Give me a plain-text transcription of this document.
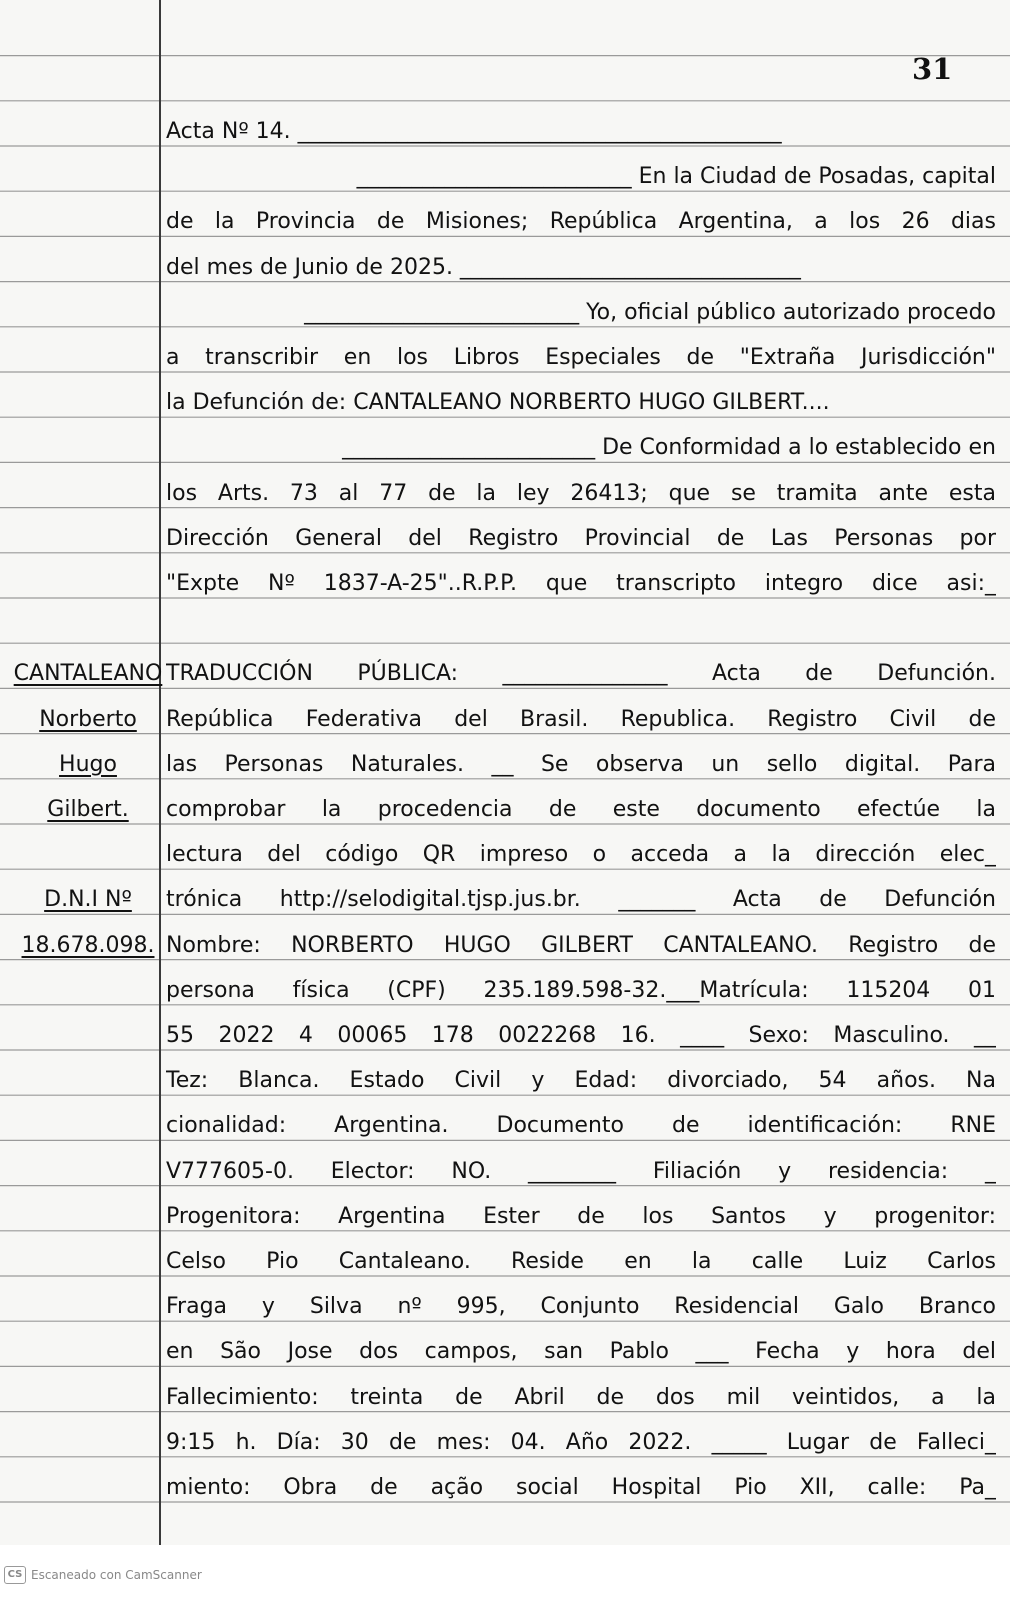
31
Acta Nº 14. ____________________________________________
_________________________ En la Ciudad de Posadas, capital
de la Provincia de Misiones; República Argentina, a los 26 dias
del mes de Junio de 2025. _______________________________
_________________________ Yo, oficial público autorizado procedo
a transcribir en los Libros Especiales de "Extraña Jurisdicción"
la Defunción de: CANTALEANO NORBERTO HUGO GILBERT....
_______________________ De Conformidad a lo establecido en
los Arts. 73 al 77 de la ley 26413; que se tramita ante esta
Dirección General del Registro Provincial de Las Personas por
"Expte Nº 1837-A-25"..R.P.P. que transcripto integro dice asi:_
TRADUCCIÓN PÚBLICA: _______________ Acta de Defunción.
República Federativa del Brasil. Republica. Registro Civil de
las Personas Naturales. __ Se observa un sello digital. Para
comprobar la procedencia de este documento efectúe la
lectura del código QR impreso o acceda a la dirección elec_
trónica http://selodigital.tjsp.jus.br. _______ Acta de Defunción
Nombre: NORBERTO HUGO GILBERT CANTALEANO. Registro de
persona física (CPF) 235.189.598-32.___Matrícula: 115204 01
55 2022 4 00065 178 0022268 16. ____ Sexo: Masculino. __
Tez: Blanca. Estado Civil y Edad: divorciado, 54 años. Na
cionalidad: Argentina. Documento de identificación: RNE
V777605-0. Elector: NO. ________ Filiación y residencia: _
Progenitora: Argentina Ester de los Santos y progenitor:
Celso Pio Cantaleano. Reside en la calle Luiz Carlos
Fraga y Silva nº 995, Conjunto Residencial Galo Branco
en São Jose dos campos, san Pablo ___ Fecha y hora del
Fallecimiento: treinta de Abril de dos mil veintidos, a la
9:15 h. Día: 30 de mes: 04. Año 2022. _____ Lugar de Falleci_
miento: Obra de ação social Hospital Pio XII, calle: Pa_
CANTALEANO
Norberto
Hugo
Gilbert.
D.N.I Nº
18.678.098.
CS Escaneado con CamScanner
